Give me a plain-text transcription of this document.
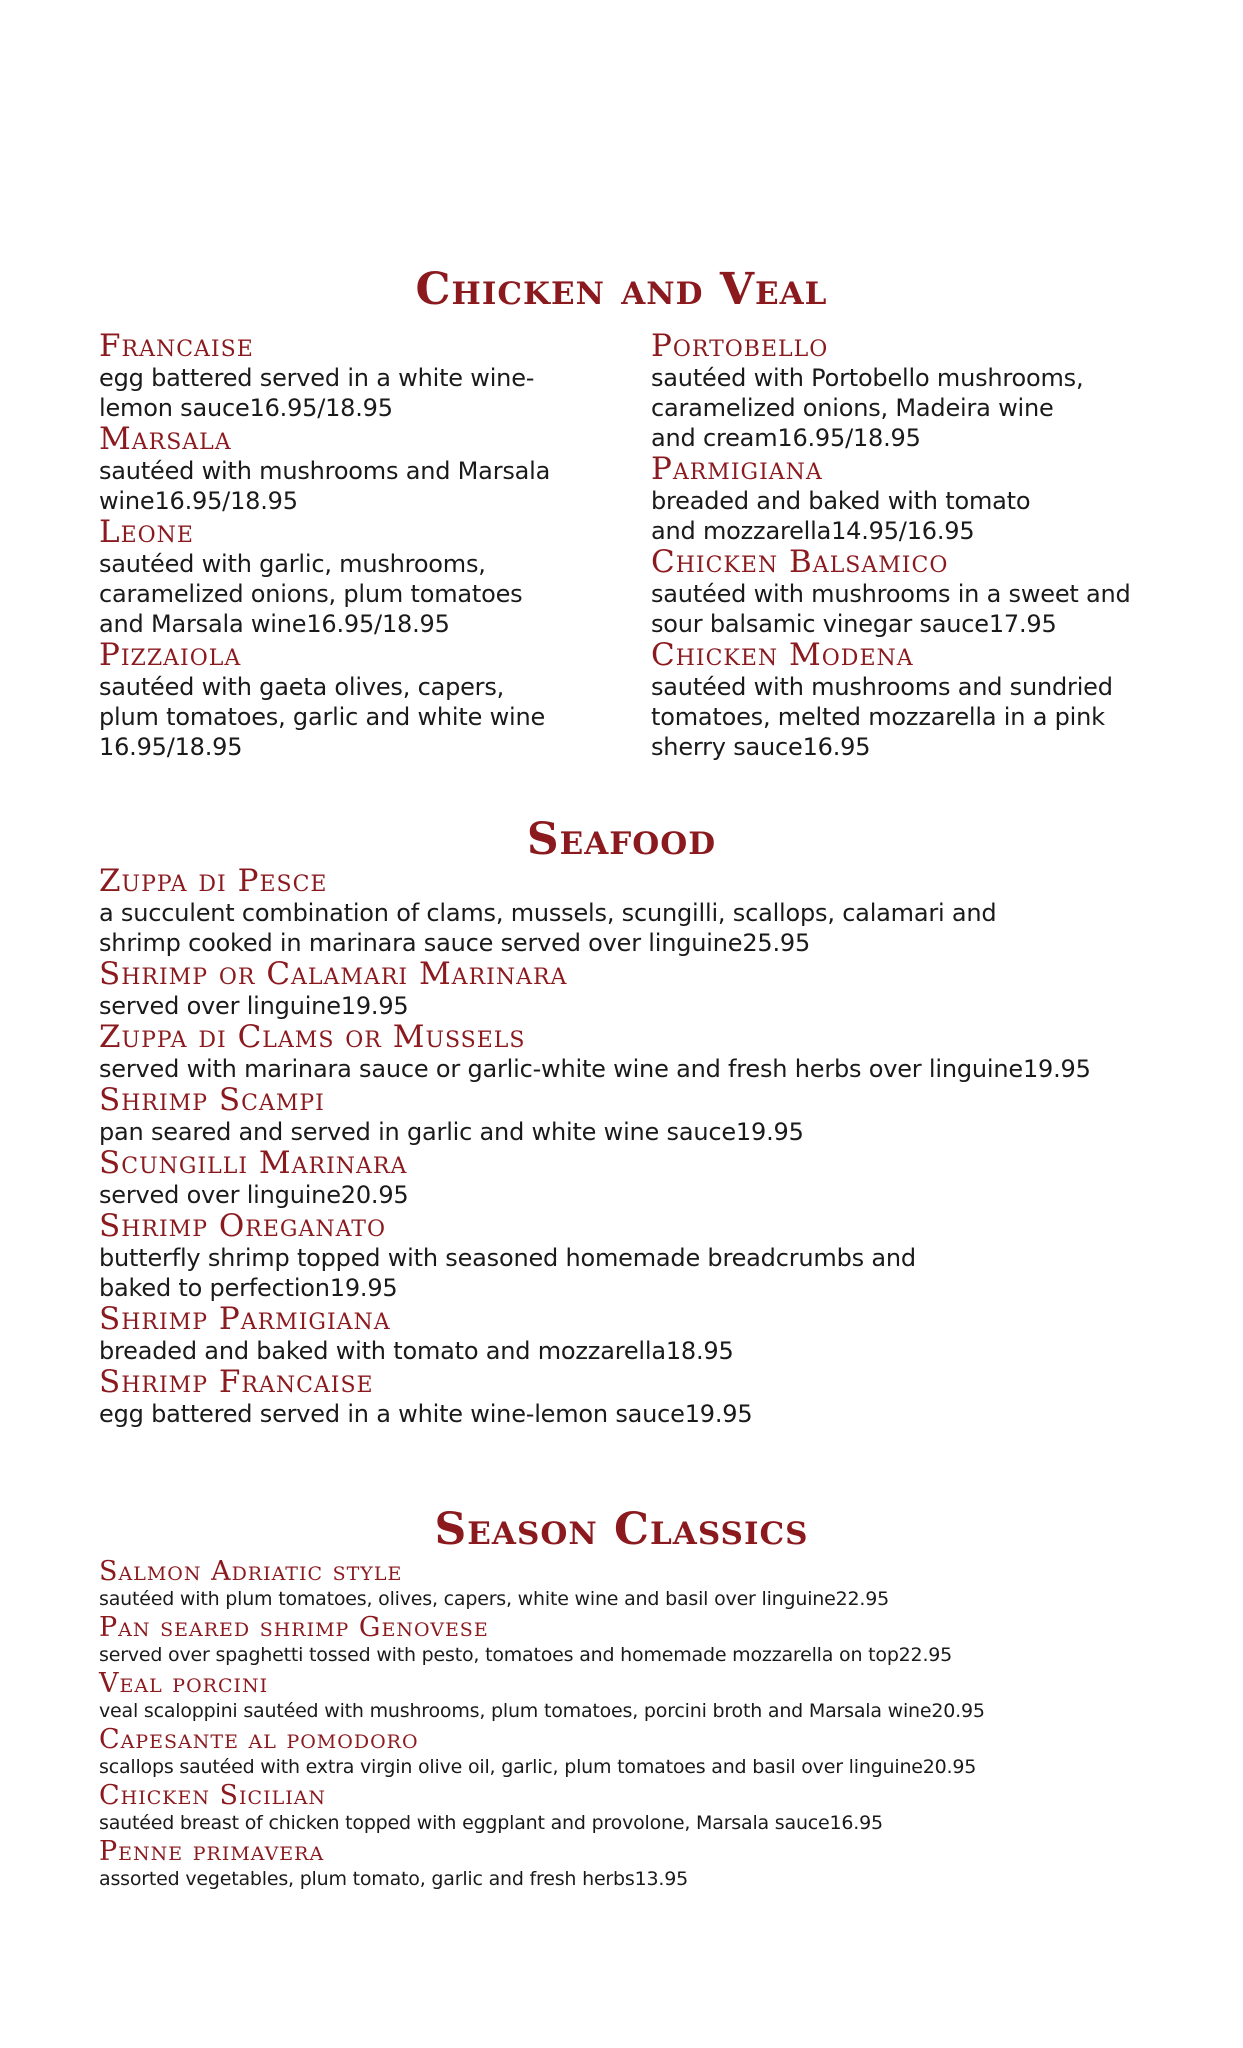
Chicken and Veal
Francaise
egg battered served in a white wine-
lemon sauce16.95/18.95
Marsala
sautéed with mushrooms and Marsala
wine16.95/18.95
Leone
sautéed with garlic, mushrooms,
caramelized onions, plum tomatoes
and Marsala wine16.95/18.95
Pizzaiola
sautéed with gaeta olives, capers,
plum tomatoes, garlic and white wine
16.95/18.95
Portobello
sautéed with Portobello mushrooms,
caramelized onions, Madeira wine
and cream16.95/18.95
Parmigiana
breaded and baked with tomato
and mozzarella14.95/16.95
Chicken Balsamico
sautéed with mushrooms in a sweet and
sour balsamic vinegar sauce17.95
Chicken Modena
sautéed with mushrooms and sundried
tomatoes, melted mozzarella in a pink
sherry sauce16.95
Seafood
Zuppa di Pesce
a succulent combination of clams, mussels, scungilli, scallops, calamari and
shrimp cooked in marinara sauce served over linguine25.95
Shrimp or Calamari Marinara
served over linguine19.95
Zuppa di Clams or Mussels
served with marinara sauce or garlic-white wine and fresh herbs over linguine19.95
Shrimp Scampi
pan seared and served in garlic and white wine sauce19.95
Scungilli Marinara
served over linguine20.95
Shrimp Oreganato
butterfly shrimp topped with seasoned homemade breadcrumbs and
baked to perfection19.95
Shrimp Parmigiana
breaded and baked with tomato and mozzarella18.95
Shrimp Francaise
egg battered served in a white wine-lemon sauce19.95
Season Classics
Salmon Adriatic style
sautéed with plum tomatoes, olives, capers, white wine and basil over linguine22.95
Pan seared shrimp Genovese
served over spaghetti tossed with pesto, tomatoes and homemade mozzarella on top22.95
Veal porcini
veal scaloppini sautéed with mushrooms, plum tomatoes, porcini broth and Marsala wine20.95
Capesante al pomodoro
scallops sautéed with extra virgin olive oil, garlic, plum tomatoes and basil over linguine20.95
Chicken Sicilian
sautéed breast of chicken topped with eggplant and provolone, Marsala sauce16.95
Penne primavera
assorted vegetables, plum tomato, garlic and fresh herbs13.95
